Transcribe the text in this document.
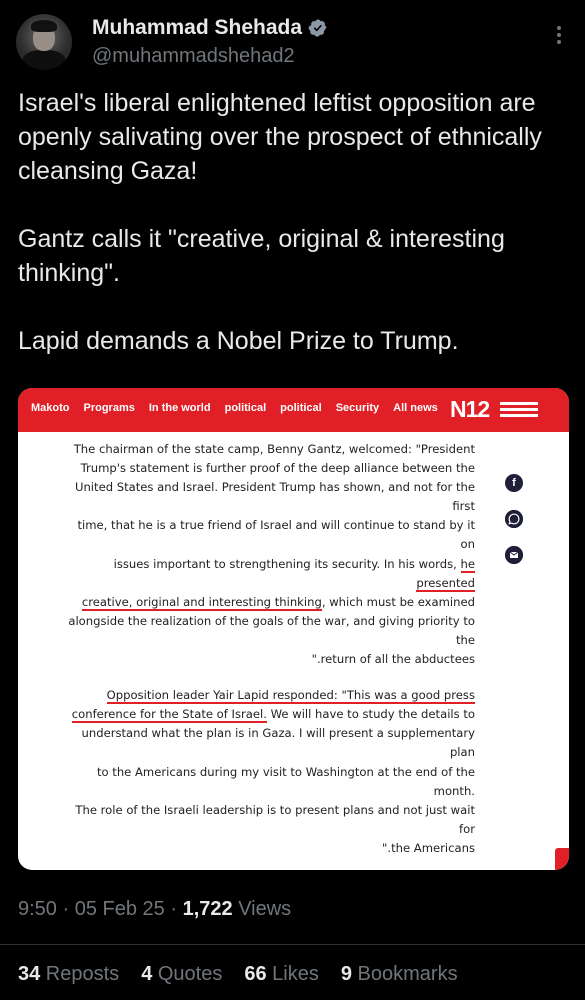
Muhammad Shehada
@muhammadshehad2

Israel's liberal enlightened leftist opposition are openly salivating over the prospect of ethnically cleansing Gaza!

Gantz calls it "creative, original & interesting thinking".

Lapid demands a Nobel Prize to Trump.

Makoto Programs In the world political political Security All news N12

The chairman of the state camp, Benny Gantz, welcomed: "President

Trump's statement is further proof of the deep alliance between the

United States and Israel. President Trump has shown, and not for the first

time, that he is a true friend of Israel and will continue to stand by it on

issues important to strengthening its security. In his words, he presented

creative, original and interesting thinking, which must be examined

alongside the realization of the goals of the war, and giving priority to the

".return of all the abductees

Opposition leader Yair Lapid responded: "This was a good press

conference for the State of Israel. We will have to study the details to

understand what the plan is in Gaza. I will present a supplementary plan

to the Americans during my visit to Washington at the end of the month.

The role of the Israeli leadership is to present plans and not just wait for

".the Americans

f
9:50 · 05 Feb 25 · 1,722 Views
34 Reposts 4 Quotes 66 Likes 9 Bookmarks
